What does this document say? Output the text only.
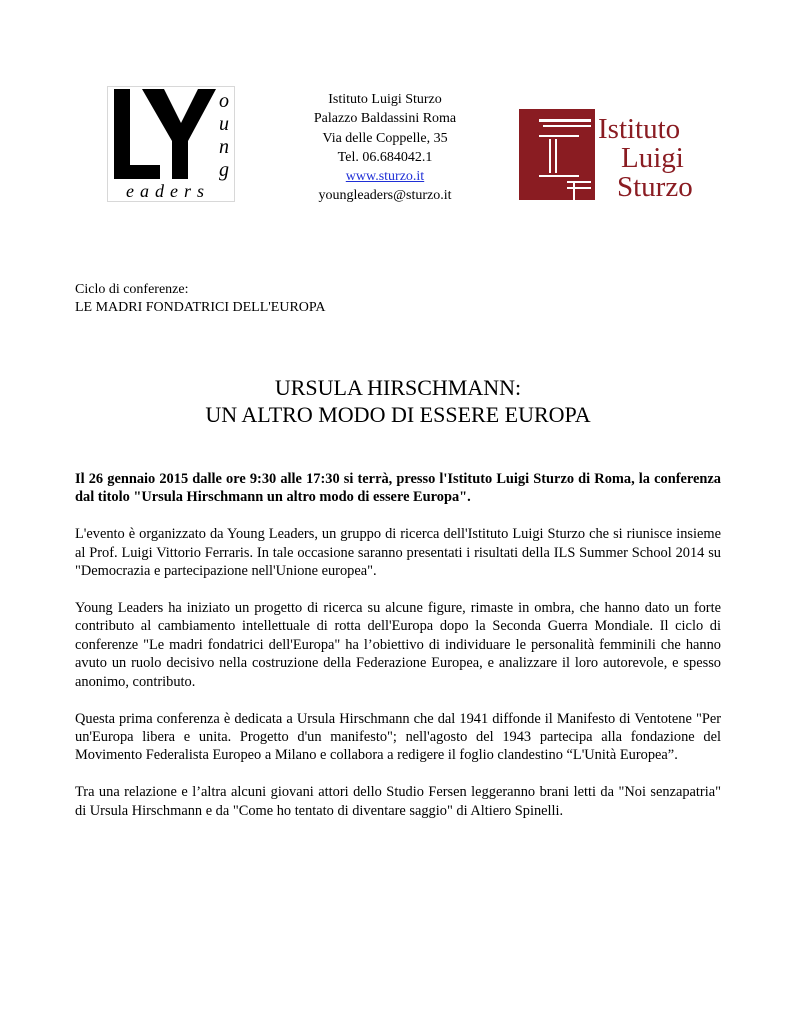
o
u
n
g
eaders
Istituto Luigi Sturzo
Palazzo Baldassini Roma
Via delle Coppelle, 35
Tel. 06.684042.1
www.sturzo.it
youngleaders@sturzo.it
Istituto
Luigi
Sturzo
Ciclo di conferenze:
LE MADRI FONDATRICI DELL'EUROPA
URSULA HIRSCHMANN:
UN ALTRO MODO DI ESSERE EUROPA

Il 26 gennaio 2015 dalle ore 9:30 alle 17:30 si terrà, presso l'Istituto Luigi Sturzo di Roma, la conferenza dal titolo "Ursula Hirschmann un altro modo di essere Europa".

L'evento è organizzato da Young Leaders, un gruppo di ricerca dell'Istituto Luigi Sturzo che si riunisce insieme al Prof. Luigi Vittorio Ferraris. In tale occasione saranno presentati i risultati della ILS Summer School 2014 su "Democrazia e partecipazione nell'Unione europea".

Young Leaders ha iniziato un progetto di ricerca su alcune figure, rimaste in ombra, che hanno dato un forte contributo al cambiamento intellettuale di rotta dell'Europa dopo la Seconda Guerra Mondiale. Il ciclo di conferenze "Le madri fondatrici dell'Europa" ha l’obiettivo di individuare le personalità femminili che hanno avuto un ruolo decisivo nella costruzione della Federazione Europea, e analizzare il loro autorevole, e spesso anonimo, contributo.

Questa prima conferenza è dedicata a Ursula Hirschmann che dal 1941 diffonde il Manifesto di Ventotene "Per un'Europa libera e unita. Progetto d'un manifesto"; nell'agosto del 1943 partecipa alla fondazione del Movimento Federalista Europeo a Milano e collabora a redigere il foglio clandestino “L'Unità Europea”.

Tra una relazione e l’altra alcuni giovani attori dello Studio Fersen leggeranno brani letti da "Noi senzapatria" di Ursula Hirschmann e da "Come ho tentato di diventare saggio" di Altiero Spinelli.
